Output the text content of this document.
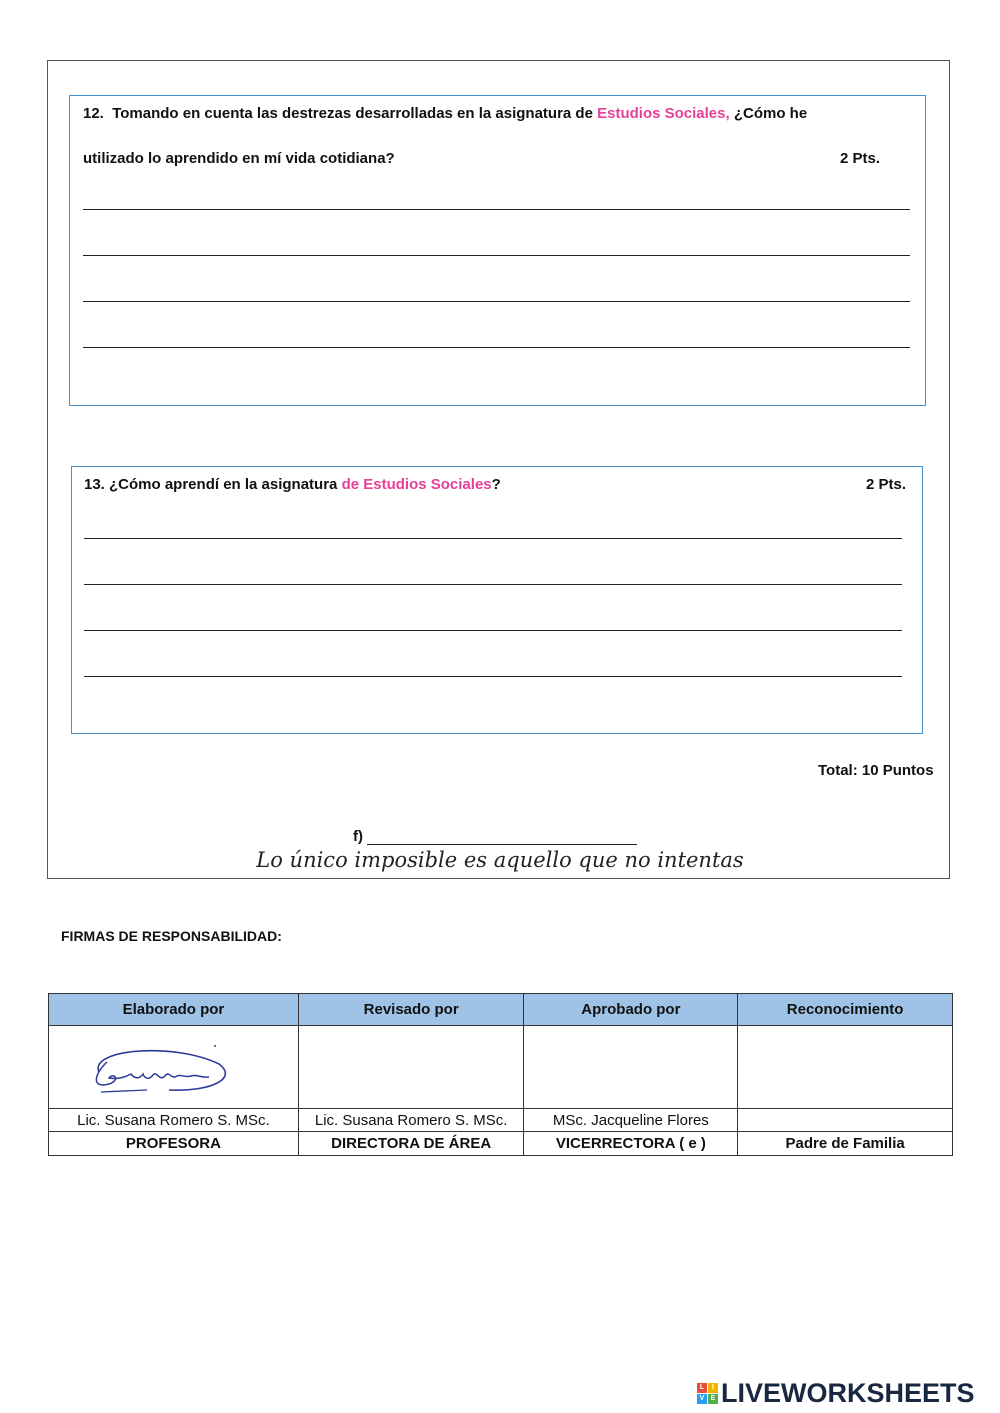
12. Tomando en cuenta las destrezas desarrolladas en la asignatura de Estudios Sociales, ¿Cómo he
utilizado lo aprendido en mí vida cotidiana?	2 Pts.
13. ¿Cómo aprendí en la asignatura de Estudios Sociales?	2 Pts.
Total: 10 Puntos
f)
Lo único imposible es aquello que no intentas
FIRMAS DE RESPONSABILIDAD:
Elaborado por	Revisado por	Aprobado por	Reconocimiento

Lic. Susana Romero S. MSc.	Lic. Susana Romero S. MSc.	MSc. Jacqueline Flores	
PROFESORA	DIRECTORA DE ÁREA	VICERRECTORA ( e )	Padre de Familia
L	I
V E LIVEWORKSHEETS
